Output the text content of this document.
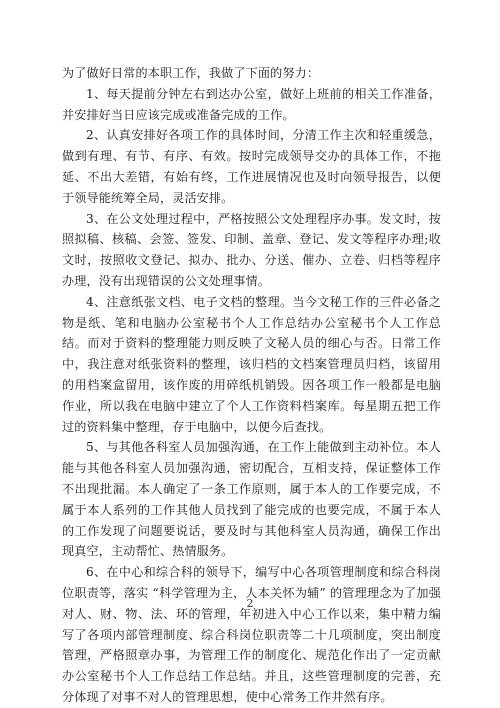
为了做好日常的本职工作，我做了下面的努力：

1、每天提前分钟左右到达办公室，做好上班前的相关工作准备，并安排好当日应该完成或准备完成的工作。

2、认真安排好各项工作的具体时间，分清工作主次和轻重缓急，做到有理、有节、有序、有效。按时完成领导交办的具体工作，不拖延、不出大差错，有始有终，工作进展情况也及时向领导报告，以便于领导能统筹全局，灵活安排。

3、在公文处理过程中，严格按照公文处理程序办事。发文时，按照拟稿、核稿、会签、签发、印制、盖章、登记、发文等程序办理;收文时，按照收文登记、拟办、批办、分送、催办、立卷、归档等程序办理，没有出现错误的公文处理事情。

4、注意纸张文档、电子文档的整理。当今文秘工作的三件必备之物是纸、笔和电脑办公室秘书个人工作总结办公室秘书个人工作总结。而对于资料的整理能力则反映了文秘人员的细心与否。日常工作中，我注意对纸张资料的整理，该归档的文档案管理员归档，该留用的用档案盒留用，该作废的用碎纸机销毁。因各项工作一般都是电脑作业，所以我在电脑中建立了个人工作资料档案库。每星期五把工作过的资料集中整理，存于电脑中，以便今后查找。

5、与其他各科室人员加强沟通，在工作上能做到主动补位。本人能与其他各科室人员加强沟通，密切配合，互相支持，保证整体工作不出现批漏。本人确定了一条工作原则，属于本人的工作要完成，不属于本人系列的工作其他人员找到了能完成的也要完成，不属于本人的工作发现了问题要说话，要及时与其他科室人员沟通，确保工作出现真空，主动帮忙、热情服务。

6、在中心和综合科的领导下，编写中心各项管理制度和综合科岗位职责等，落实 “科学管理为主，人本关怀为辅” 的管理理念为了加强对人、财、物、法、环的管理，年初进入中心工作以来，集中精力编写了各项内部管理制度、综合科岗位职责等二十几项制度，突出制度管理，严格照章办事，为管理工作的制度化、规范化作出了一定贡献办公室秘书个人工作总结工作总结。并且，这些管理制度的完善，充分体现了对事不对人的管理思想，使中心常务工作井然有序。

2
